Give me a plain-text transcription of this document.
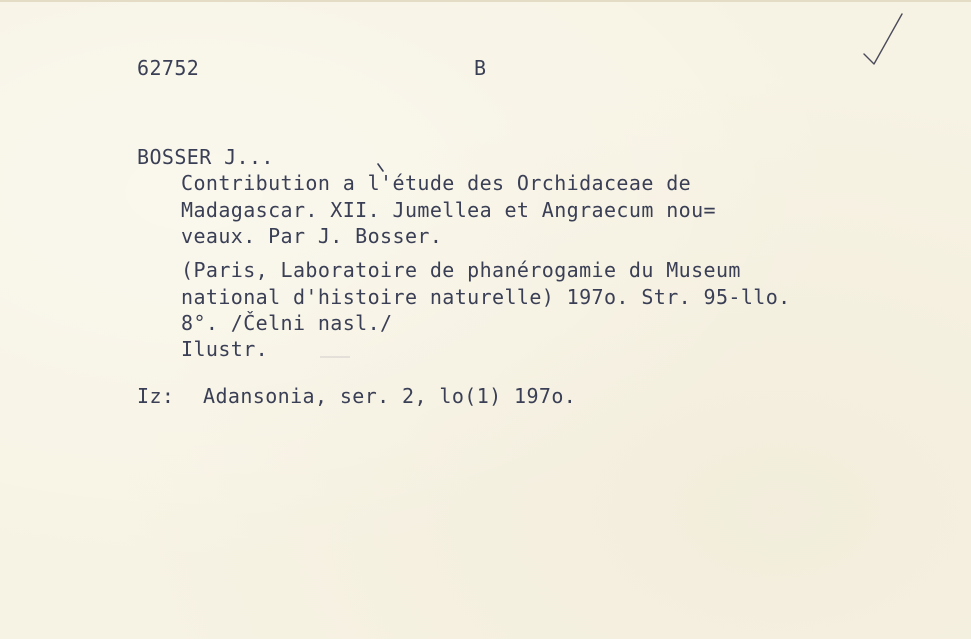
62752	B
BOSSER J...
Contribution a l'étude des Orchidaceae de
Madagascar. XII. Jumellea et Angraecum nou=
veaux. Par J. Bosser.
(Paris, Laboratoire de phanérogamie du Museum
national d'histoire naturelle) 197o. Str. 95-llo.
8°. /Čelni nasl./
Ilustr.
Iz: Adansonia, ser. 2, lo(1) 197o.
